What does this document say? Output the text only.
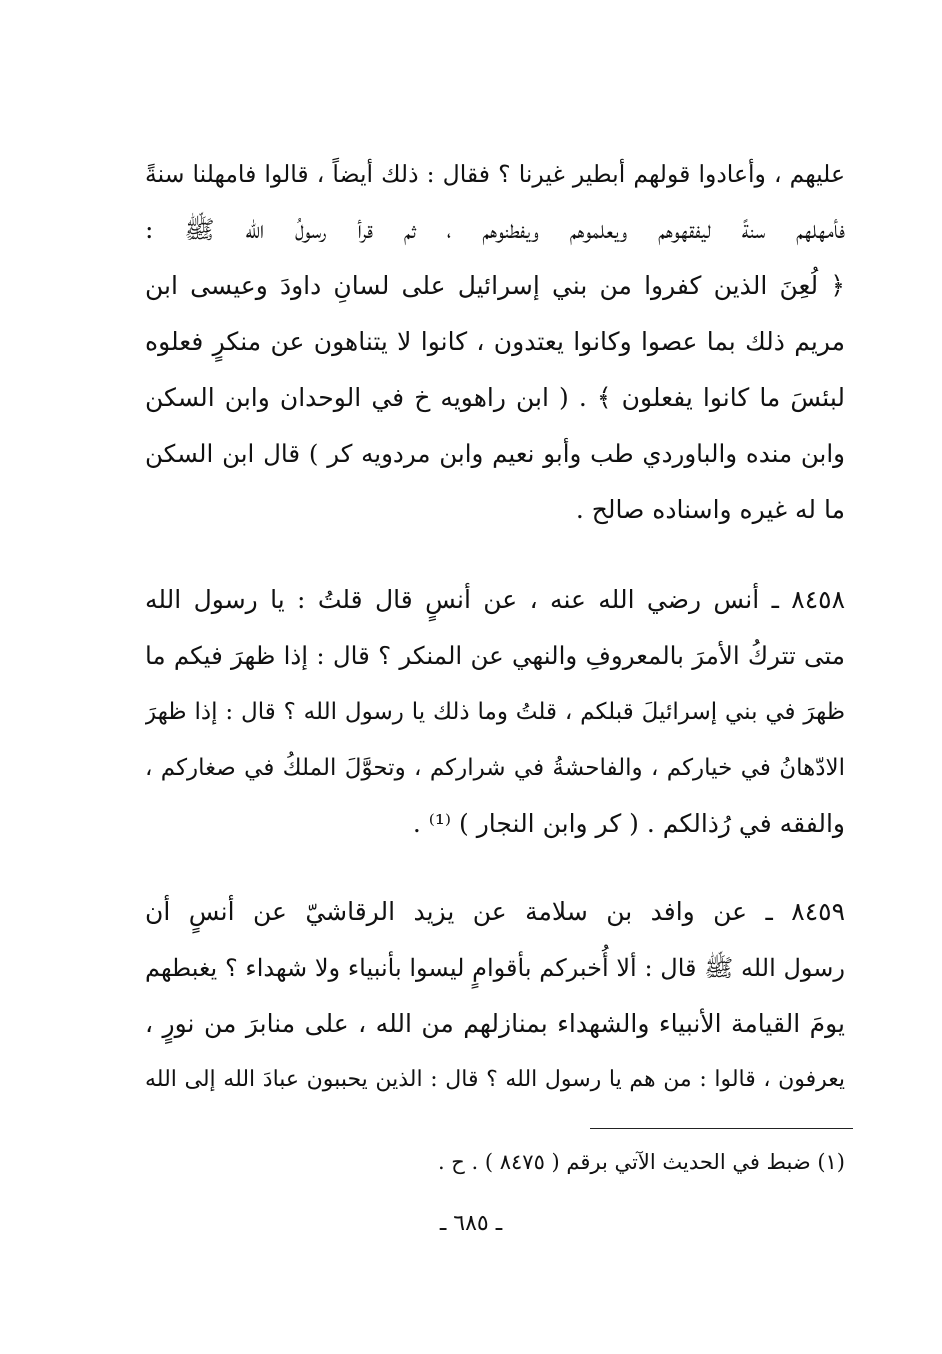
عليهم ، وأعادوا قولهم أبطير غيرنا ؟ فقال : ذلك أيضاً ، قالوا فامهلنا سنةً
فأمهلهم سنةً ليفقهوهم ويعلموهم ويفطنوهم ، ثم قرأ رسولُ الله ﷺ :
﴿ لُعِنَ الذين كفروا من بني إسرائيل على لسانِ داودَ وعيسى ابن
مريم ذلك بما عصوا وكانوا يعتدون ، كانوا لا يتناهون عن منكرٍ فعلوه
لبئسَ ما كانوا يفعلون ﴾ . ( ابن راهويه خ في الوحدان وابن السكن
وابن منده والباوردي طب وأبو نعيم وابن مردويه كر ) قال ابن السكن
ما له غيره واسناده صالح .
٨٤٥٨ ـ أنس رضي الله عنه ، عن أنسٍ قال قلتُ : يا رسول الله
متى تتركُ الأمرَ بالمعروفِ والنهي عن المنكر ؟ قال : إذا ظهرَ فيكم ما
ظهرَ في بني إسرائيلَ قبلكم ، قلتُ وما ذلك يا رسول الله ؟ قال : إذا ظهرَ
الادّهانُ في خياركم ، والفاحشةُ في شراركم ، وتحوَّلَ الملكُ في صغاركم ،
والفقه في رُذالكم . ( كر وابن النجار ) ⁽¹⁾ .
٨٤٥٩ ـ عن وافد بن سلامة عن يزيد الرقاشيّ عن أنسٍ أن
رسول الله ﷺ قال : ألا أُخبركم بأقوامٍ ليسوا بأنبياء ولا شهداء ؟ يغبطهم
يومَ القيامة الأنبياء والشهداء بمنازلهم من الله ، على منابرَ من نورٍ ،
يعرفون ، قالوا : من هم يا رسول الله ؟ قال : الذين يحببون عبادَ الله إلى الله
(١) ضبط في الحديث الآتي برقم ( ٨٤٧٥ ) . ح .
ـ ٦٨٥ ـ
